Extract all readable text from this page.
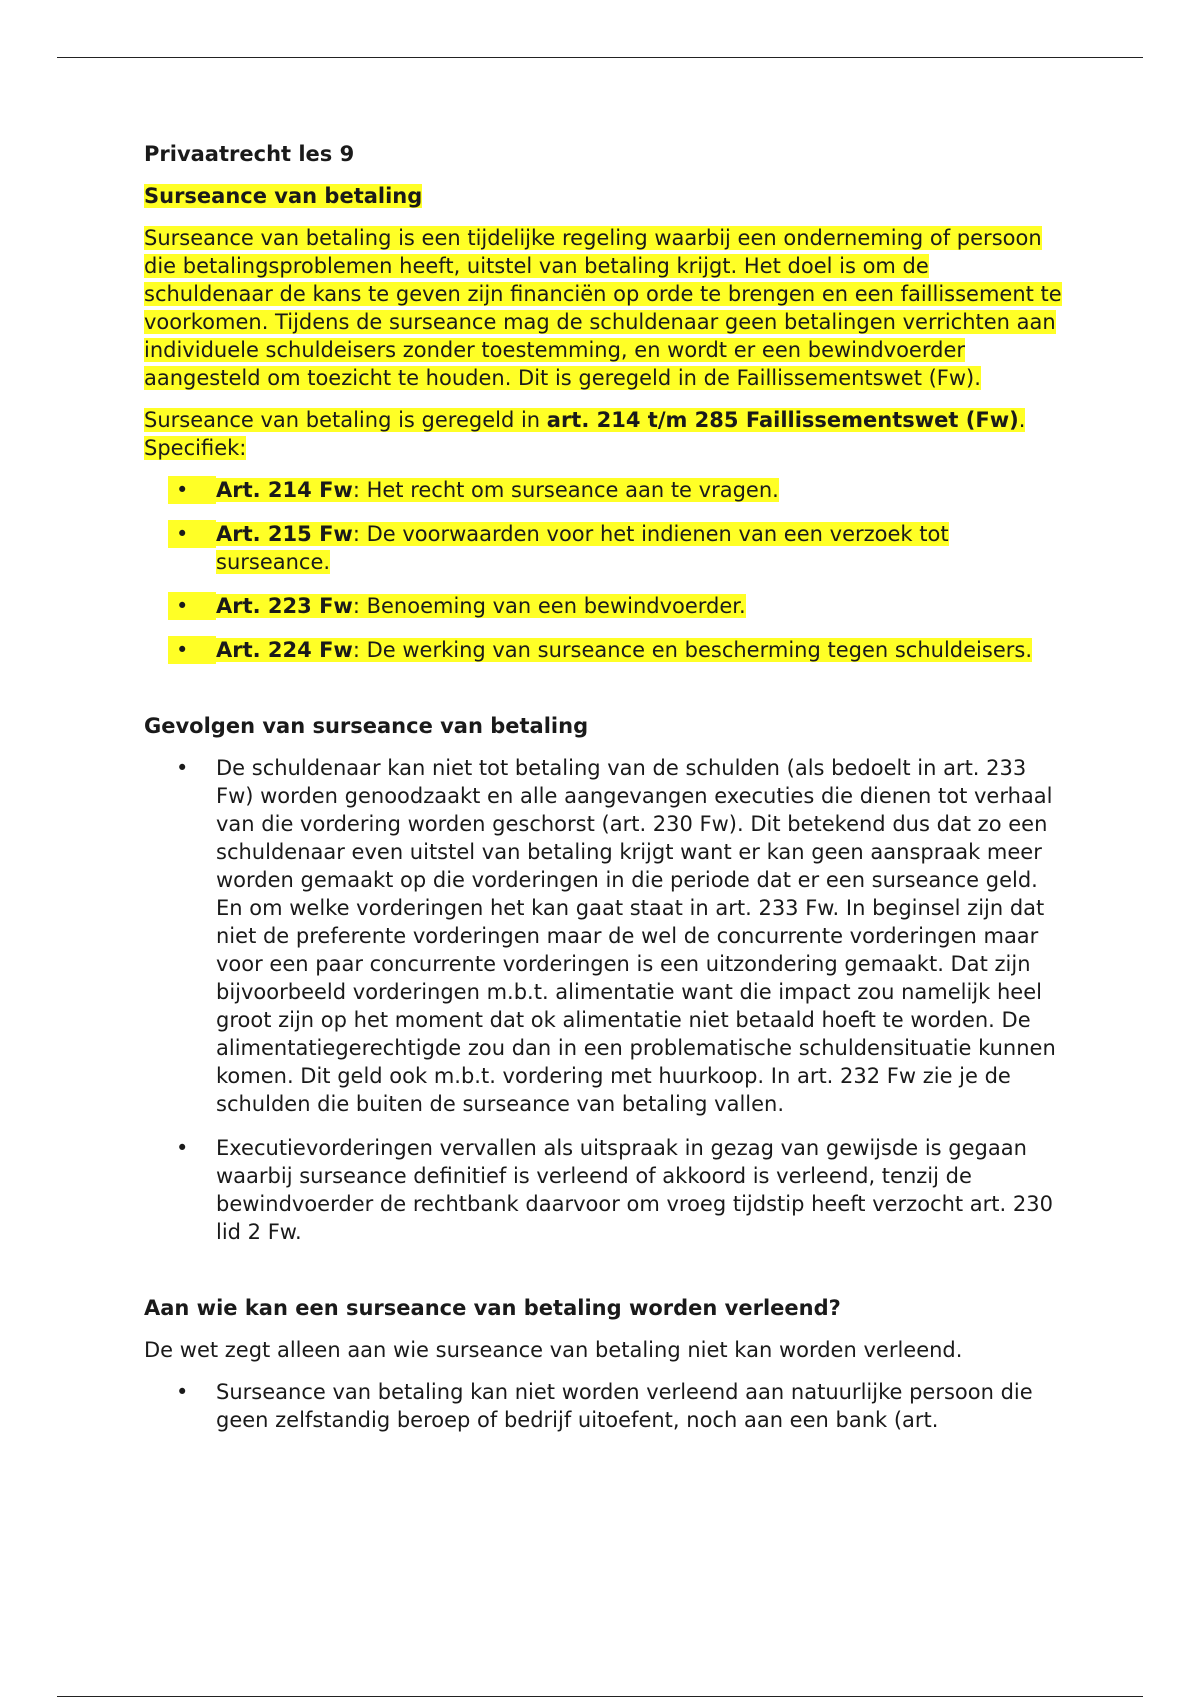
Privaatrecht les 9

Surseance van betaling

Surseance van betaling is een tijdelijke regeling waarbij een onderneming of persoon die betalingsproblemen heeft, uitstel van betaling krijgt. Het doel is om de schuldenaar de kans te geven zijn financiën op orde te brengen en een faillissement te voorkomen. Tijdens de surseance mag de schuldenaar geen betalingen verrichten aan individuele schuldeisers zonder toestemming, en wordt er een bewindvoerder aangesteld om toezicht te houden. Dit is geregeld in de Faillissementswet (Fw).

Surseance van betaling is geregeld in art. 214 t/m 285 Faillissementswet (Fw). Specifiek:

• Art. 214 Fw: Het recht om surseance aan te vragen.
• Art. 215 Fw: De voorwaarden voor het indienen van een verzoek tot surseance.
• Art. 223 Fw: Benoeming van een bewindvoerder.
• Art. 224 Fw: De werking van surseance en bescherming tegen schuldeisers.

Gevolgen van surseance van betaling

• De schuldenaar kan niet tot betaling van de schulden (als bedoelt in art. 233 Fw) worden genoodzaakt en alle aangevangen executies die dienen tot verhaal van die vordering worden geschorst (art. 230 Fw). Dit betekend dus dat zo een schuldenaar even uitstel van betaling krijgt want er kan geen aanspraak meer worden gemaakt op die vorderingen in die periode dat er een surseance geld. En om welke vorderingen het kan gaat staat in art. 233 Fw. In beginsel zijn dat niet de preferente vorderingen maar de wel de concurrente vorderingen maar voor een paar concurrente vorderingen is een uitzondering gemaakt. Dat zijn bijvoorbeeld vorderingen m.b.t. alimentatie want die impact zou namelijk heel groot zijn op het moment dat ok alimentatie niet betaald hoeft te worden. De alimentatiegerechtigde zou dan in een problematische schuldensituatie kunnen komen. Dit geld ook m.b.t. vordering met huurkoop. In art. 232 Fw zie je de schulden die buiten de surseance van betaling vallen.
• Executievorderingen vervallen als uitspraak in gezag van gewijsde is gegaan waarbij surseance definitief is verleend of akkoord is verleend, tenzij de bewindvoerder de rechtbank daarvoor om vroeg tijdstip heeft verzocht art. 230 lid 2 Fw.

Aan wie kan een surseance van betaling worden verleend?

De wet zegt alleen aan wie surseance van betaling niet kan worden verleend.

• Surseance van betaling kan niet worden verleend aan natuurlijke persoon die geen zelfstandig beroep of bedrijf uitoefent, noch aan een bank (art.
